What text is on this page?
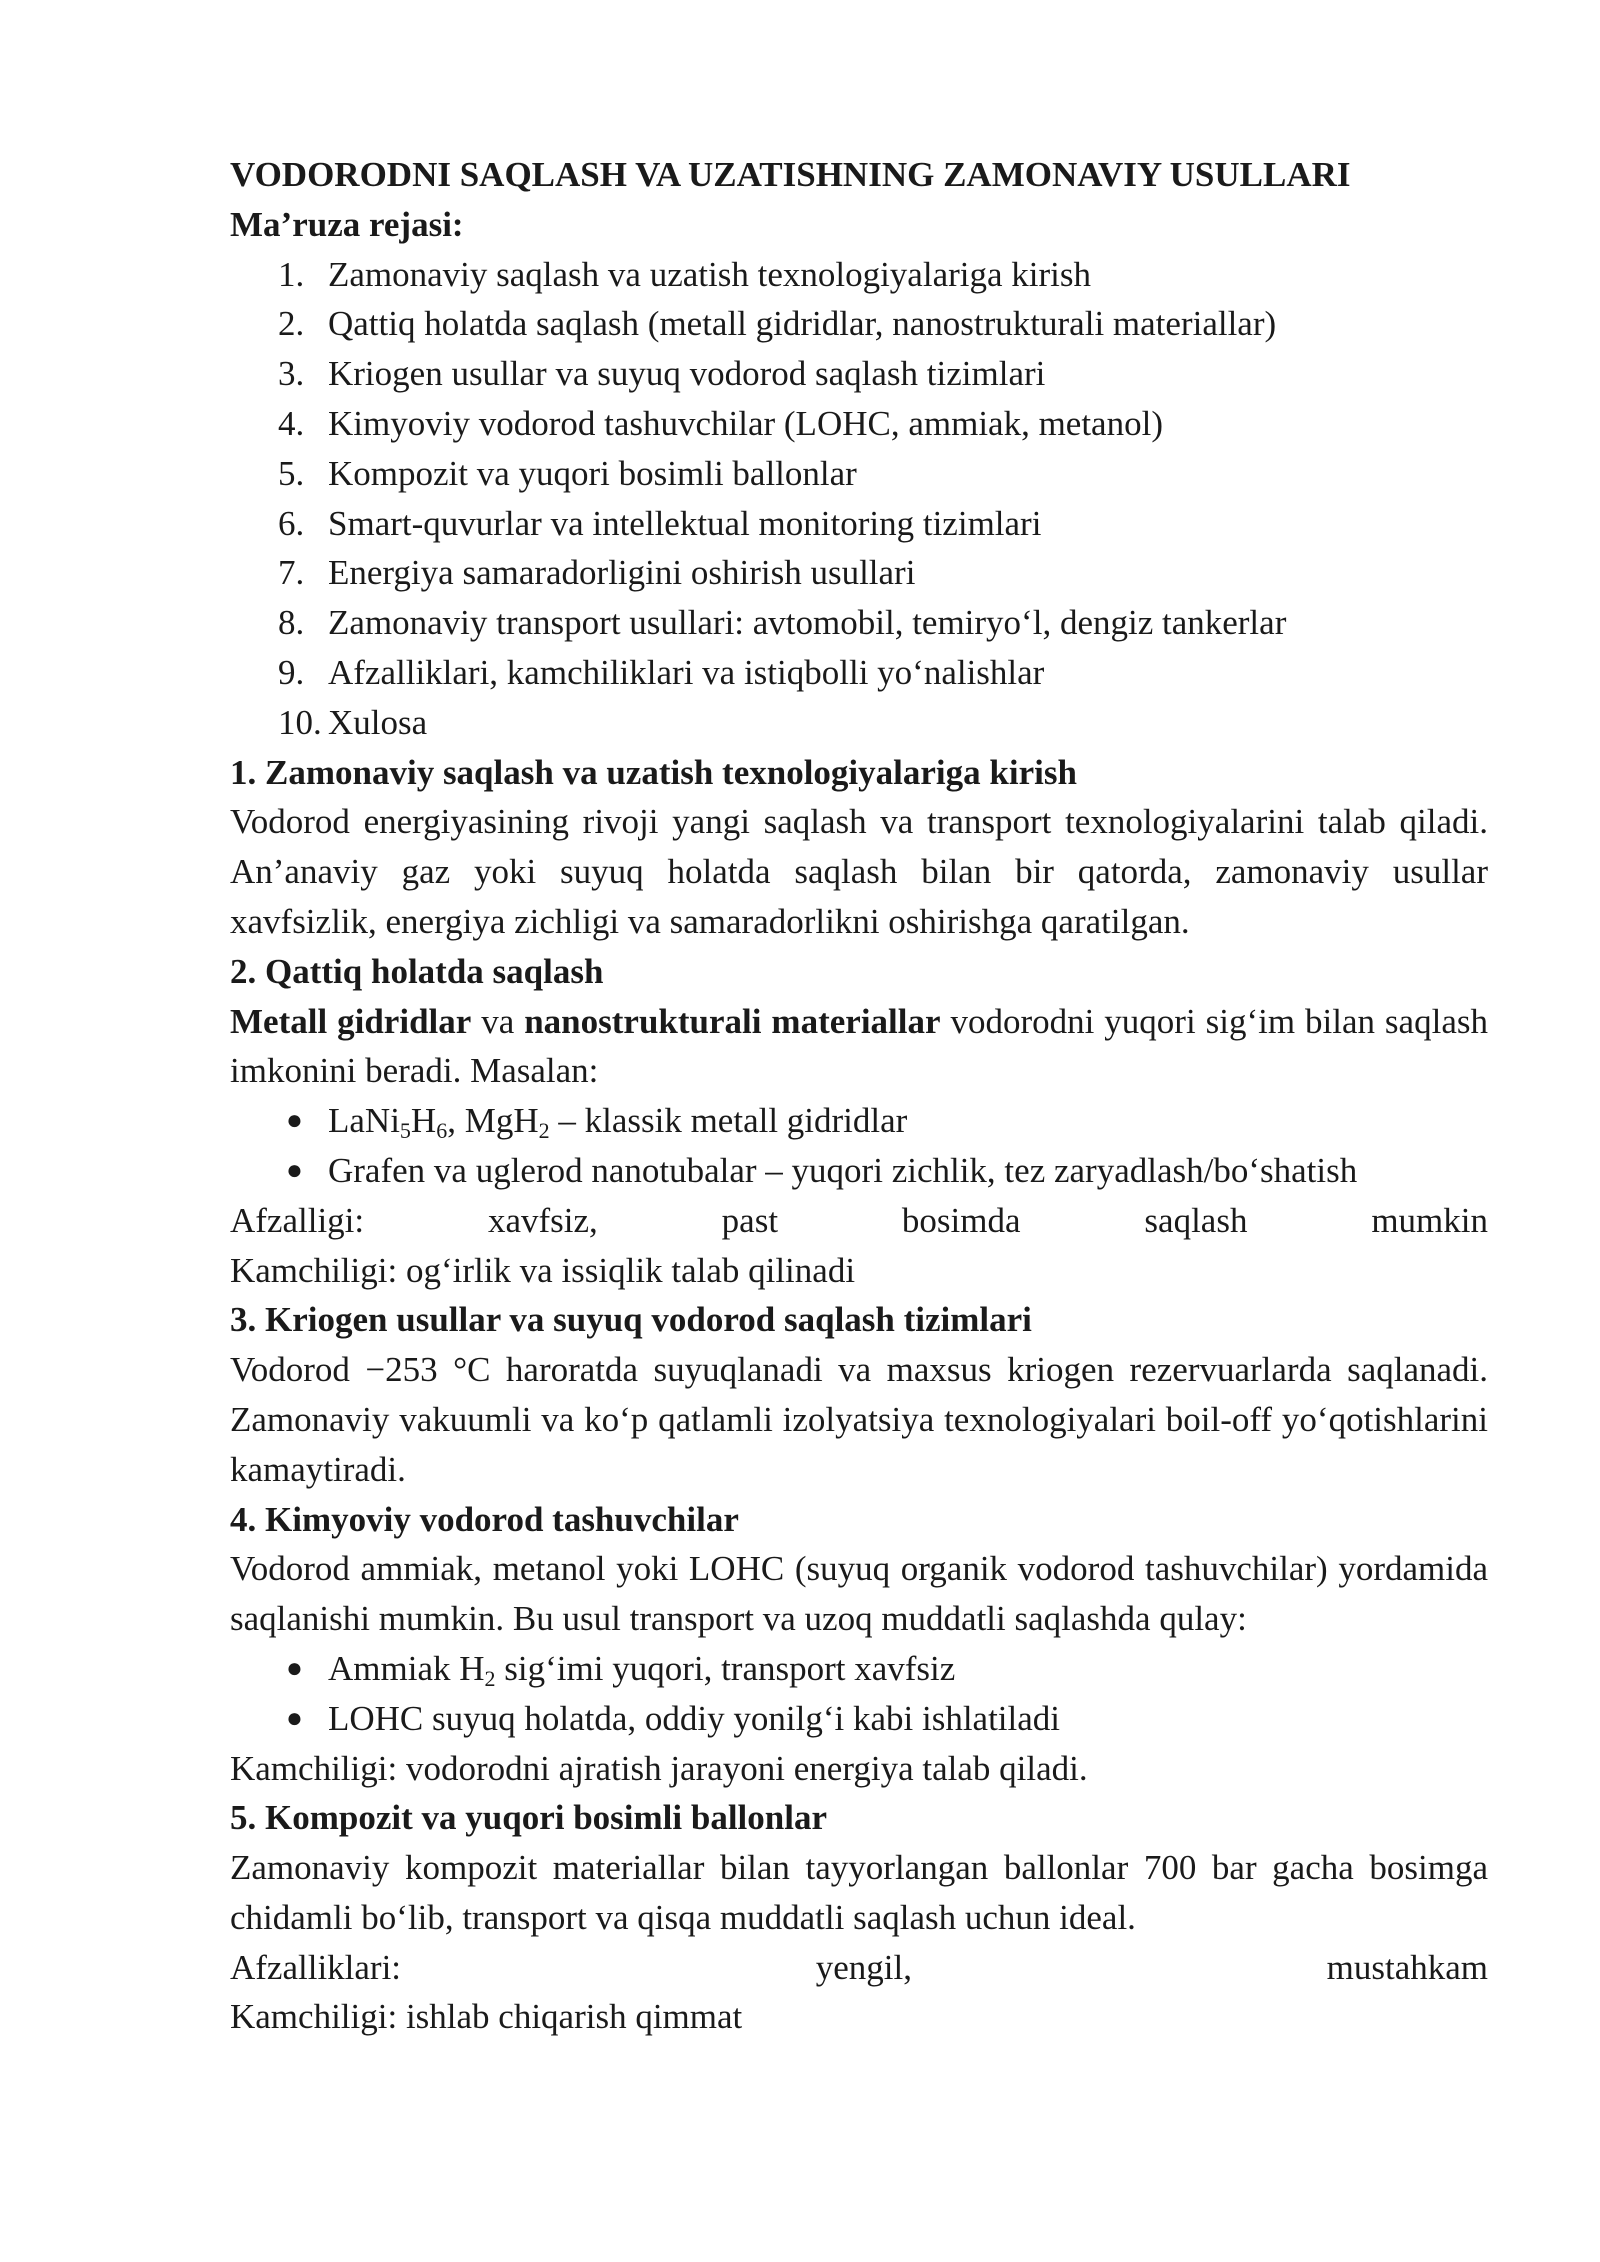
VODORODNI SAQLASH VA UZATISHNING ZAMONAVIY USULLARI
Ma’ruza rejasi:
1. Zamonaviy saqlash va uzatish texnologiyalariga kirish
2. Qattiq holatda saqlash (metall gidridlar, nanostrukturali materiallar)
3. Kriogen usullar va suyuq vodorod saqlash tizimlari
4. Kimyoviy vodorod tashuvchilar (LOHC, ammiak, metanol)
5. Kompozit va yuqori bosimli ballonlar
6. Smart-quvurlar va intellektual monitoring tizimlari
7. Energiya samaradorligini oshirish usullari
8. Zamonaviy transport usullari: avtomobil, temiryo‘l, dengiz tankerlar
9. Afzalliklari, kamchiliklari va istiqbolli yo‘nalishlar
10. Xulosa
1. Zamonaviy saqlash va uzatish texnologiyalariga kirish

Vodorod energiyasining rivoji yangi saqlash va transport texnologiyalarini talab qiladi. An’anaviy gaz yoki suyuq holatda saqlash bilan bir qatorda, zamonaviy usullar xavfsizlik, energiya zichligi va samaradorlikni oshirishga qaratilgan.

2. Qattiq holatda saqlash

Metall gidridlar va nanostrukturali materiallar vodorodni yuqori sig‘im bilan saqlash imkonini beradi. Masalan:

● $LaNi_5H_6$, MgH$_2$ – klassik metall gidridlar
● Grafen va uglerod nanotubalar – yuqori zichlik, tez zaryadlash/bo‘shatish

Afzalligi: xavfsiz, past bosimda saqlash mumkin

Kamchiligi: og‘irlik va issiqlik talab qilinadi

3. Kriogen usullar va suyuq vodorod saqlash tizimlari

Vodorod −253 °C haroratda suyuqlanadi va maxsus kriogen rezervuarlarda saqlanadi. Zamonaviy vakuumli va ko‘p qatlamli izolyatsiya texnologiyalari boil-off yo‘qotishlarini kamaytiradi.

4. Kimyoviy vodorod tashuvchilar

Vodorod ammiak, metanol yoki LOHC (suyuq organik vodorod tashuvchilar) yordamida saqlanishi mumkin. Bu usul transport va uzoq muddatli saqlashda qulay:

● Ammiak $H_2$ sig‘imi yuqori, transport xavfsiz
● LOHC suyuq holatda, oddiy yonilg‘i kabi ishlatiladi

Kamchiligi: vodorodni ajratish jarayoni energiya talab qiladi.

5. Kompozit va yuqori bosimli ballonlar

Zamonaviy kompozit materiallar bilan tayyorlangan ballonlar 700 bar gacha bosimga chidamli bo‘lib, transport va qisqa muddatli saqlash uchun ideal.

Afzalliklari: yengil, mustahkam

Kamchiligi: ishlab chiqarish qimmat
